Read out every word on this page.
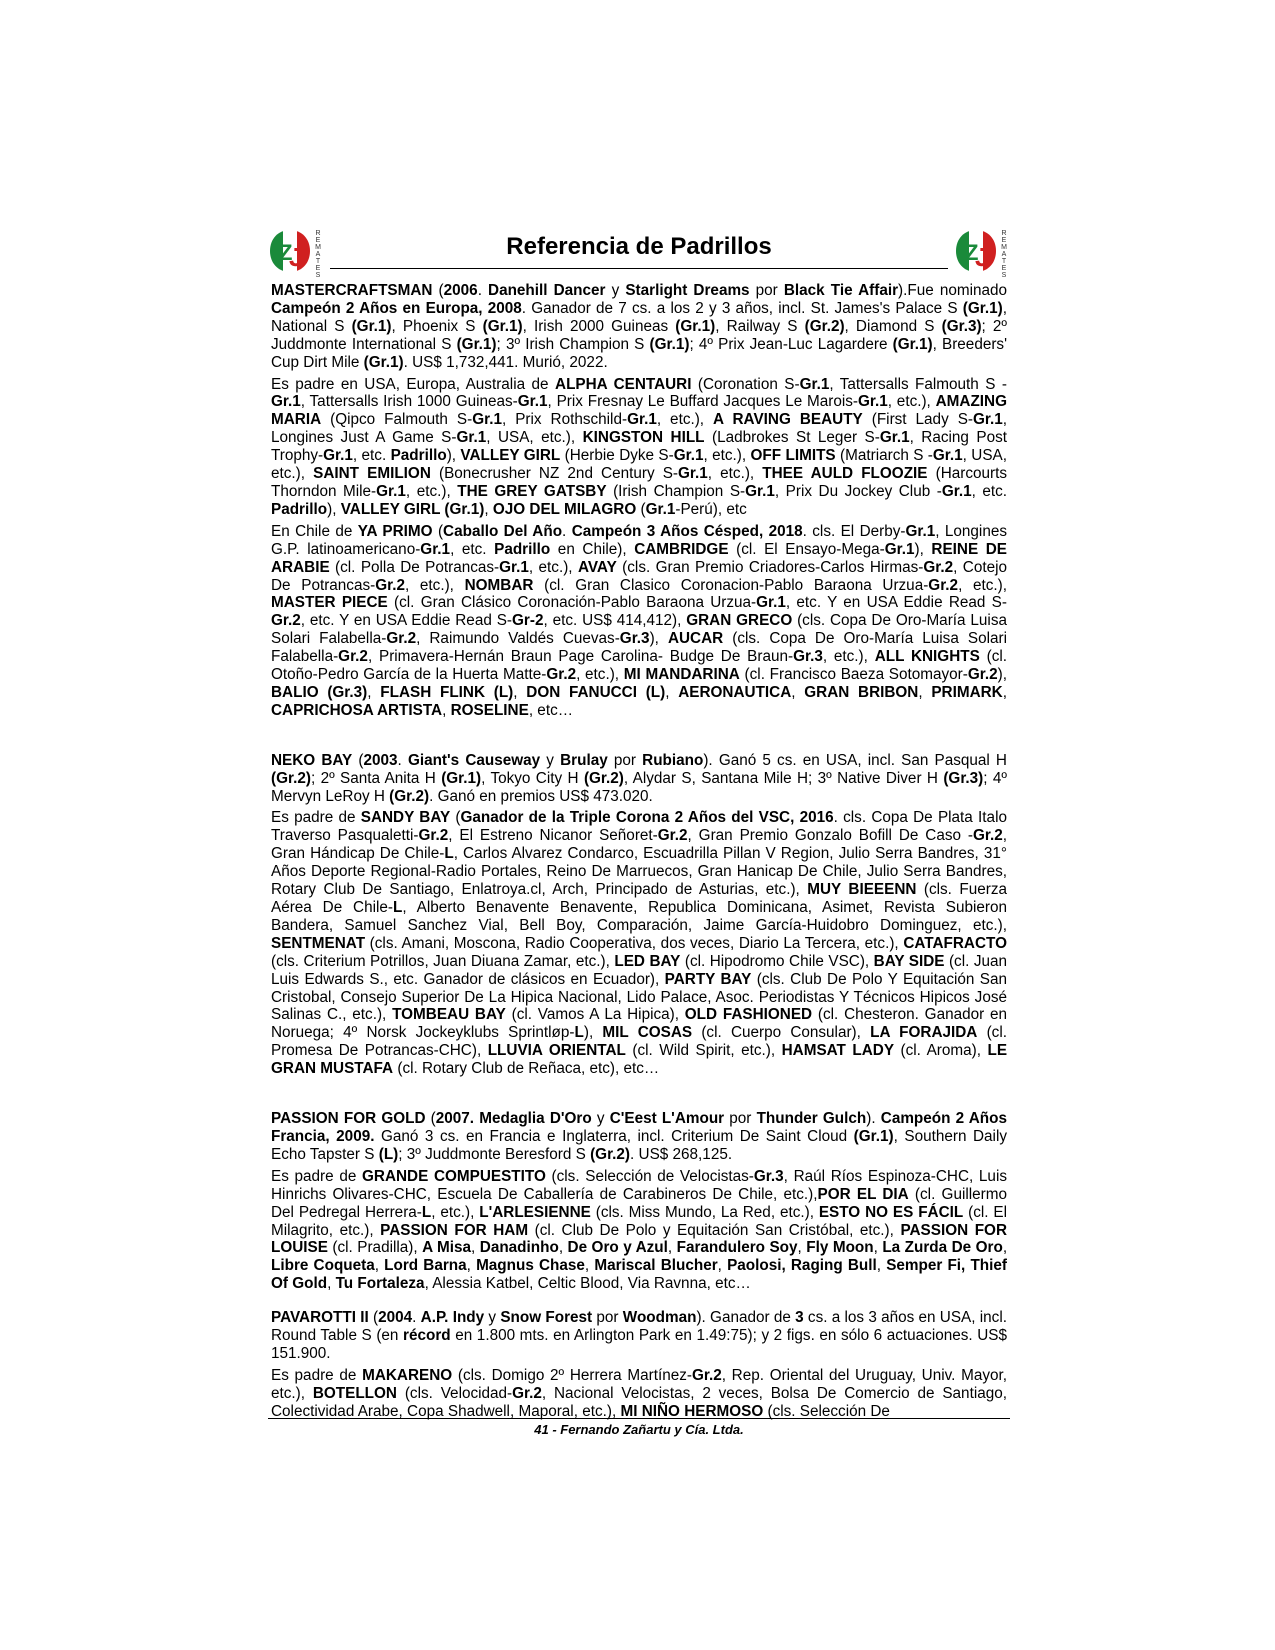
Z
J
REMATES
Referencia de Padrillos	Z
J
REMATES

MASTERCRAFTSMAN (2006. Danehill Dancer y Starlight Dreams por Black Tie Affair).Fue nominado Campeón 2 Años en Europa, 2008. Ganador de 7 cs. a los 2 y 3 años, incl. St. James's Palace S (Gr.1), National S (Gr.1), Phoenix S (Gr.1), Irish 2000 Guineas (Gr.1), Railway S (Gr.2), Diamond S (Gr.3); 2º Juddmonte International S (Gr.1); 3º Irish Champion S (Gr.1); 4º Prix Jean-Luc Lagardere (Gr.1), Breeders' Cup Dirt Mile (Gr.1). US$ 1,732,441. Murió, 2022.

Es padre en USA, Europa, Australia de ALPHA CENTAURI (Coronation S-Gr.1, Tattersalls Falmouth S -Gr.1, Tattersalls Irish 1000 Guineas-Gr.1, Prix Fresnay Le Buffard Jacques Le Marois-Gr.1, etc.), AMAZING MARIA (Qipco Falmouth S-Gr.1, Prix Rothschild-Gr.1, etc.), A RAVING BEAUTY (First Lady S-Gr.1, Longines Just A Game S-Gr.1, USA, etc.), KINGSTON HILL (Ladbrokes St Leger S-Gr.1, Racing Post Trophy-Gr.1, etc. Padrillo), VALLEY GIRL (Herbie Dyke S-Gr.1, etc.), OFF LIMITS (Matriarch S -Gr.1, USA, etc.), SAINT EMILION (Bonecrusher NZ 2nd Century S-Gr.1, etc.), THEE AULD FLOOZIE (Harcourts Thorndon Mile-Gr.1, etc.), THE GREY GATSBY (Irish Champion S-Gr.1, Prix Du Jockey Club -Gr.1, etc. Padrillo), VALLEY GIRL (Gr.1), OJO DEL MILAGRO (Gr.1-Perú), etc

En Chile de YA PRIMO (Caballo Del Año. Campeón 3 Años Césped, 2018. cls. El Derby-Gr.1, Longines G.P. latinoamericano-Gr.1, etc. Padrillo en Chile), CAMBRIDGE (cl. El Ensayo-Mega-Gr.1), REINE DE ARABIE (cl. Polla De Potrancas-Gr.1, etc.), AVAY (cls. Gran Premio Criadores-Carlos Hirmas-Gr.2, Cotejo De Potrancas-Gr.2, etc.), NOMBAR (cl. Gran Clasico Coronacion-Pablo Baraona Urzua-Gr.2, etc.), MASTER PIECE (cl. Gran Clásico Coronación-Pablo Baraona Urzua-Gr.1, etc. Y en USA Eddie Read S-Gr.2, etc. Y en USA Eddie Read S-Gr-2, etc. US$ 414,412), GRAN GRECO (cls. Copa De Oro-María Luisa Solari Falabella-Gr.2, Raimundo Valdés Cuevas-Gr.3), AUCAR (cls. Copa De Oro-María Luisa Solari Falabella-Gr.2, Primavera-Hernán Braun Page Carolina- Budge De Braun-Gr.3, etc.), ALL KNIGHTS (cl. Otoño-Pedro García de la Huerta Matte-Gr.2, etc.), MI MANDARINA (cl. Francisco Baeza Sotomayor-Gr.2), BALIO (Gr.3), FLASH FLINK (L), DON FANUCCI (L), AERONAUTICA, GRAN BRIBON, PRIMARK, CAPRICHOSA ARTISTA, ROSELINE, etc…

NEKO BAY (2003. Giant's Causeway y Brulay por Rubiano). Ganó 5 cs. en USA, incl. San Pasqual H (Gr.2); 2º Santa Anita H (Gr.1), Tokyo City H (Gr.2), Alydar S, Santana Mile H; 3º Native Diver H (Gr.3); 4º Mervyn LeRoy H (Gr.2). Ganó en premios US$ 473.020.

Es padre de SANDY BAY (Ganador de la Triple Corona 2 Años del VSC, 2016. cls. Copa De Plata Italo Traverso Pasqualetti-Gr.2, El Estreno Nicanor Señoret-Gr.2, Gran Premio Gonzalo Bofill De Caso -Gr.2, Gran Hándicap De Chile-L, Carlos Alvarez Condarco, Escuadrilla Pillan V Region, Julio Serra Bandres, 31° Años Deporte Regional-Radio Portales, Reino De Marruecos, Gran Hanicap De Chile, Julio Serra Bandres, Rotary Club De Santiago, Enlatroya.cl, Arch, Principado de Asturias, etc.), MUY BIEEENN (cls. Fuerza Aérea De Chile-L, Alberto Benavente Benavente, Republica Dominicana, Asimet, Revista Subieron Bandera, Samuel Sanchez Vial, Bell Boy, Comparación, Jaime García-Huidobro Dominguez, etc.), SENTMENAT (cls. Amani, Moscona, Radio Cooperativa, dos veces, Diario La Tercera, etc.), CATAFRACTO (cls. Criterium Potrillos, Juan Diuana Zamar, etc.), LED BAY (cl. Hipodromo Chile VSC), BAY SIDE (cl. Juan Luis Edwards S., etc. Ganador de clásicos en Ecuador), PARTY BAY (cls. Club De Polo Y Equitación San Cristobal, Consejo Superior De La Hipica Nacional, Lido Palace, Asoc. Periodistas Y Técnicos Hipicos José Salinas C., etc.), TOMBEAU BAY (cl. Vamos A La Hipica), OLD FASHIONED (cl. Chesteron. Ganador en Noruega; 4º Norsk Jockeyklubs Sprintløp-L), MIL COSAS (cl. Cuerpo Consular), LA FORAJIDA (cl. Promesa De Potrancas-CHC), LLUVIA ORIENTAL (cl. Wild Spirit, etc.), HAMSAT LADY (cl. Aroma), LE GRAN MUSTAFA (cl. Rotary Club de Reñaca, etc), etc…

PASSION FOR GOLD (2007. Medaglia D'Oro y C'Eest L'Amour por Thunder Gulch). Campeón 2 Años Francia, 2009. Ganó 3 cs. en Francia e Inglaterra, incl. Criterium De Saint Cloud (Gr.1), Southern Daily Echo Tapster S (L); 3º Juddmonte Beresford S (Gr.2). US$ 268,125.

Es padre de GRANDE COMPUESTITO (cls. Selección de Velocistas-Gr.3, Raúl Ríos Espinoza-CHC, Luis Hinrichs Olivares-CHC, Escuela De Caballería de Carabineros De Chile, etc.),POR EL DIA (cl. Guillermo Del Pedregal Herrera-L, etc.), L'ARLESIENNE (cls. Miss Mundo, La Red, etc.), ESTO NO ES FÁCIL (cl. El Milagrito, etc.), PASSION FOR HAM (cl. Club De Polo y Equitación San Cristóbal, etc.), PASSION FOR LOUISE (cl. Pradilla), A Misa, Danadinho, De Oro y Azul, Farandulero Soy, Fly Moon, La Zurda De Oro, Libre Coqueta, Lord Barna, Magnus Chase, Mariscal Blucher, Paolosi, Raging Bull, Semper Fi, Thief Of Gold, Tu Fortaleza, Alessia Katbel, Celtic Blood, Via Ravnna, etc…

PAVAROTTI II (2004. A.P. Indy y Snow Forest por Woodman). Ganador de 3 cs. a los 3 años en USA, incl. Round Table S (en récord en 1.800 mts. en Arlington Park en 1.49:75); y 2 figs. en sólo 6 actuaciones. US$ 151.900.

Es padre de MAKARENO (cls. Domigo 2º Herrera Martínez-Gr.2, Rep. Oriental del Uruguay, Univ. Mayor, etc.), BOTELLON (cls. Velocidad-Gr.2, Nacional Velocistas, 2 veces, Bolsa De Comercio de Santiago, Colectividad Arabe, Copa Shadwell, Maporal, etc.), MI NIÑO HERMOSO (cls. Selección De

41 - Fernando Zañartu y Cía. Ltda.
